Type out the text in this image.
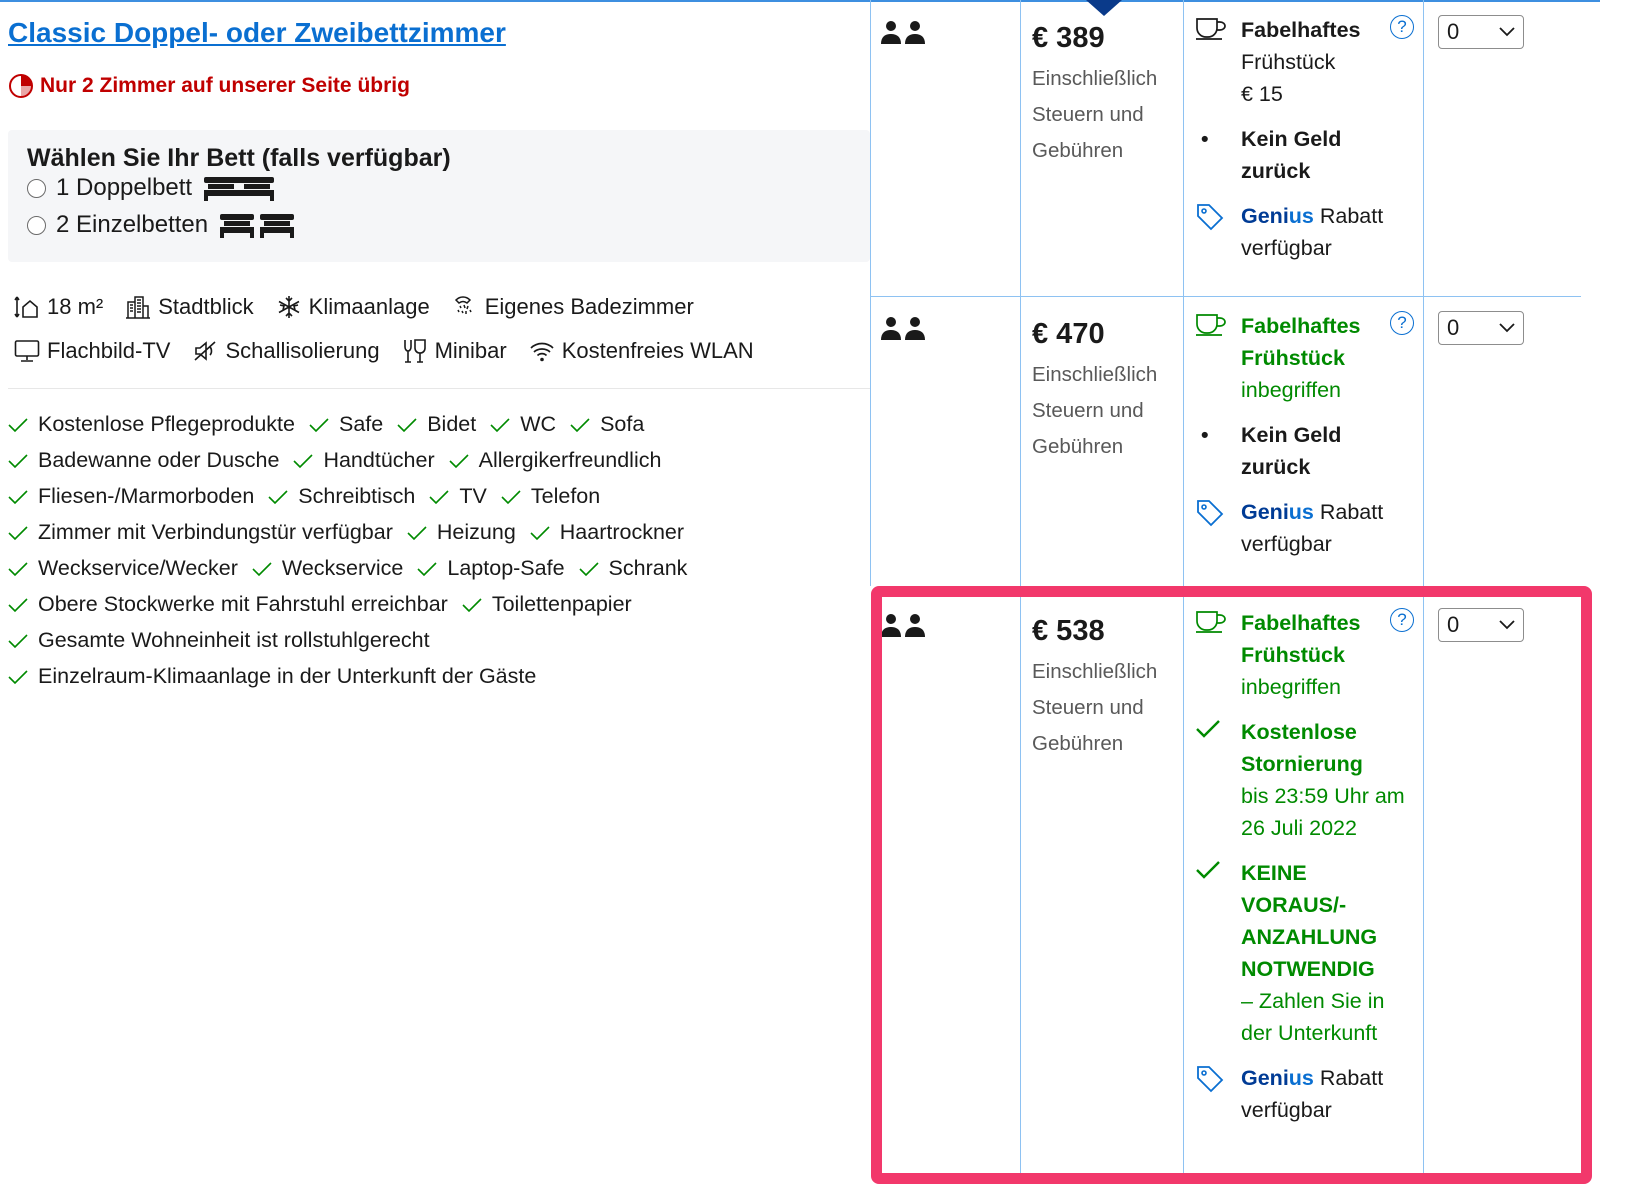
Classic Doppel- oder Zweibettzimmer
Nur 2 Zimmer auf unserer Seite übrig
Wählen Sie Ihr Bett (falls verfügbar)
1 Doppelbett
2 Einzelbetten
18 m²	Stadtblick	Klimaanlage	Eigenes Badezimmer
Flachbild-TV	Schallisolierung	Minibar	Kostenfreies WLAN
Kostenlose Pflegeprodukte Safe Bidet WC Sofa
Badewanne oder Dusche Handtücher Allergikerfreundlich
Fliesen-/Marmorboden Schreibtisch TV Telefon
Zimmer mit Verbindungstür verfügbar Heizung Haartrockner
Weckservice/Wecker Weckservice Laptop-Safe Schrank
Obere Stockwerke mit Fahrstuhl erreichbar Toilettenpapier
Gesamte Wohneinheit ist rollstuhlgerecht
Einzelraum-Klimaanlage in der Unterkunft der Gäste
€ 389
Einschließlich Steuern und Gebühren
Fabelhaftes
Frühstück
€ 15
• Kein Geld zurück
Genius Rabatt verfügbar
?	0
€ 470
Einschließlich Steuern und Gebühren
Fabelhaftes Frühstück
inbegriffen
• Kein Geld zurück
Genius Rabatt verfügbar
?	0
€ 538
Einschließlich Steuern und Gebühren
Fabelhaftes Frühstück
inbegriffen
Kostenlose Stornierung
bis 23:59 Uhr am 26 Juli 2022
KEINE VORAUS/-ANZAHLUNG NOTWENDIG
– Zahlen Sie in der Unterkunft
Genius Rabatt verfügbar
?	0
